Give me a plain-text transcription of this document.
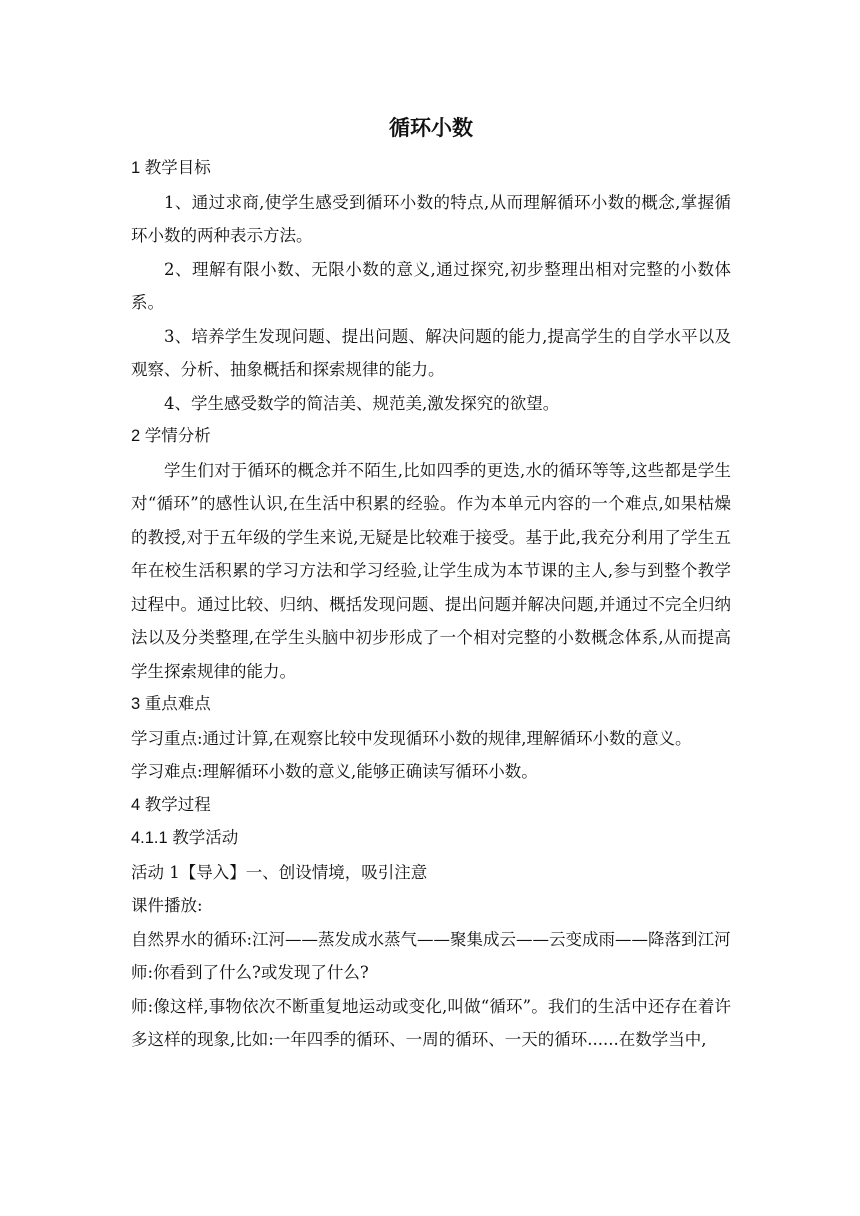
循环小数

1 教学目标

1、通过求商,使学生感受到循环小数的特点,从而理解循环小数的概念,掌握循环小数的两种表示方法。

2、理解有限小数、无限小数的意义,通过探究,初步整理出相对完整的小数体系。

3、培养学生发现问题、提出问题、解决问题的能力,提高学生的自学水平以及观察、分析、抽象概括和探索规律的能力。

4、学生感受数学的简洁美、规范美,激发探究的欲望。

2 学情分析

学生们对于循环的概念并不陌生,比如四季的更迭,水的循环等等,这些都是学生对“循环”的感性认识,在生活中积累的经验。作为本单元内容的一个难点,如果枯燥的教授,对于五年级的学生来说,无疑是比较难于接受。基于此,我充分利用了学生五年在校生活积累的学习方法和学习经验,让学生成为本节课的主人,参与到整个教学过程中。通过比较、归纳、概括发现问题、提出问题并解决问题,并通过不完全归纳法以及分类整理,在学生头脑中初步形成了一个相对完整的小数概念体系,从而提高学生探索规律的能力。

3 重点难点

学习重点:通过计算,在观察比较中发现循环小数的规律,理解循环小数的意义。

学习难点:理解循环小数的意义,能够正确读写循环小数。

4 教学过程

4.1.1 教学活动

活动 1【导入】一、创设情境，吸引注意

课件播放:

自然界水的循环:江河——蒸发成水蒸气——聚集成云——云变成雨——降落到江河

师:你看到了什么?或发现了什么?

师:像这样,事物依次不断重复地运动或变化,叫做“循环”。我们的生活中还存在着许多这样的现象,比如:一年四季的循环、一周的循环、一天的循环......在数学当中,
